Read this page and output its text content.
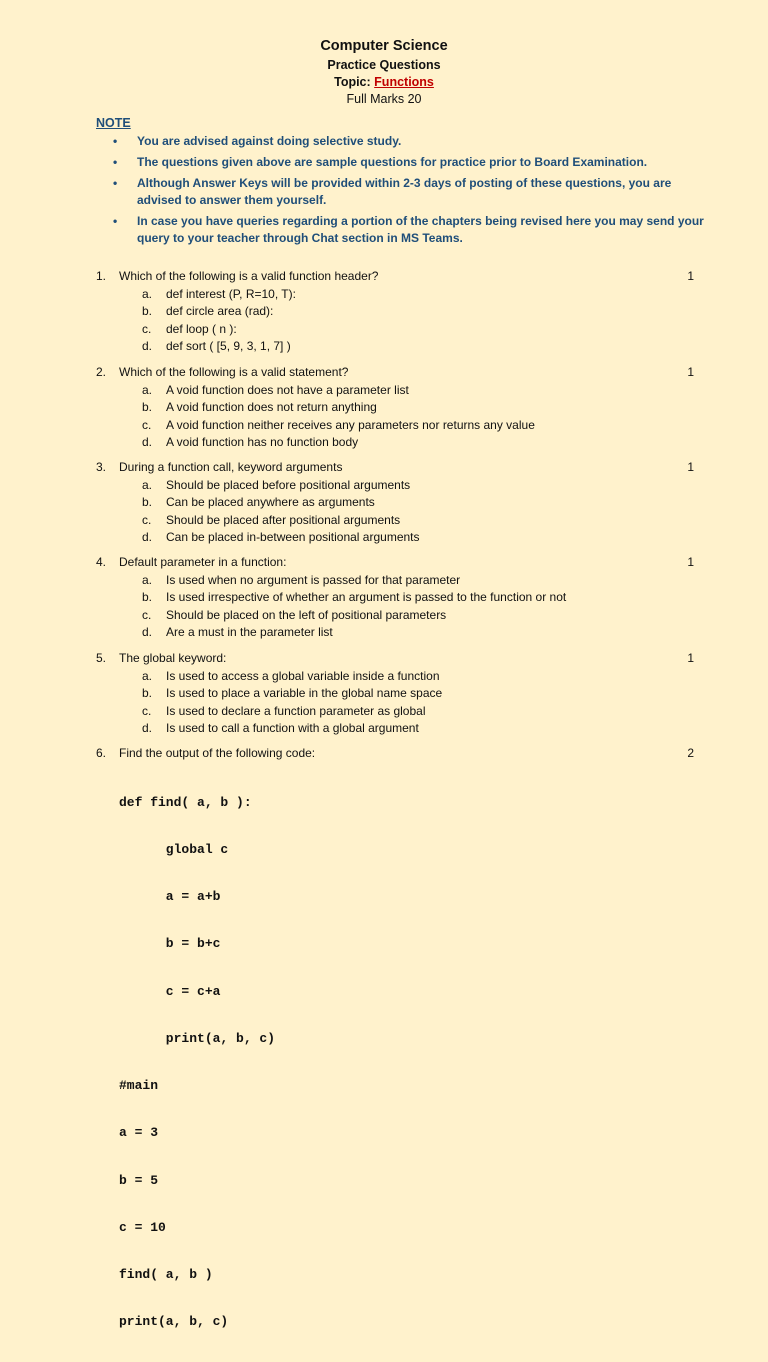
Computer Science
Practice Questions
Topic: Functions
Full Marks 20
NOTE
• You are advised against doing selective study.
• The questions given above are sample questions for practice prior to Board Examination.
• Although Answer Keys will be provided within 2-3 days of posting of these questions, you are advised to answer them yourself.
• In case you have queries regarding a portion of the chapters being revised here you may send your query to your teacher through Chat section in MS Teams.
1.	Which of the following is a valid function header?	1
a.	def interest (P, R=10, T):
b.	def circle area (rad):
c.	def loop ( n ):
d.	def sort ( [5, 9, 3, 1, 7] )
2.	Which of the following is a valid statement?	1
a.	A void function does not have a parameter list
b.	A void function does not return anything
c.	A void function neither receives any parameters nor returns any value
d.	A void function has no function body
3.	During a function call, keyword arguments	1
a.	Should be placed before positional arguments
b.	Can be placed anywhere as arguments
c.	Should be placed after positional arguments
d.	Can be placed in-between positional arguments
4.	Default parameter in a function:	1
a.	Is used when no argument is passed for that parameter
b.	Is used irrespective of whether an argument is passed to the function or not
c.	Should be placed on the left of positional parameters
d.	Are a must in the parameter list
5.	The global keyword:	1
a.	Is used to access a global variable inside a function
b.	Is used to place a variable in the global name space
c.	Is used to declare a function parameter as global
d.	Is used to call a function with a global argument
6.	Find the output of the following code:	2

def find( a, b ):

global c

a = a+b

b = b+c

c = c+a

print(a, b, c)

#main

a = 3

b = 5

c = 10

find( a, b )

print(a, b, c)
